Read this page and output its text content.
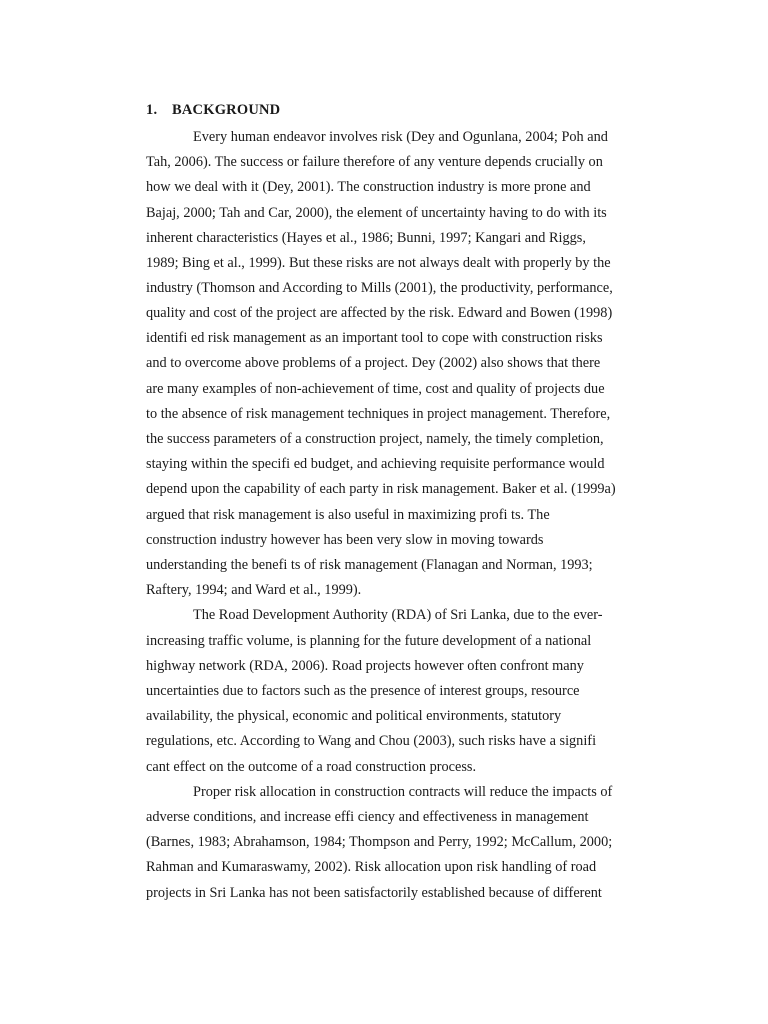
1. BACKGROUND
Every human endeavor involves risk (Dey and Ogunlana, 2004; Poh and
Tah, 2006). The success or failure therefore of any venture depends crucially on
how we deal with it (Dey, 2001). The construction industry is more prone and
Bajaj, 2000; Tah and Car, 2000), the element of uncertainty having to do with its
inherent characteristics (Hayes et al., 1986; Bunni, 1997; Kangari and Riggs,
1989; Bing et al., 1999). But these risks are not always dealt with properly by the
industry (Thomson and According to Mills (2001), the productivity, performance,
quality and cost of the project are affected by the risk. Edward and Bowen (1998)
identifi ed risk management as an important tool to cope with construction risks
and to overcome above problems of a project. Dey (2002) also shows that there
are many examples of non-achievement of time, cost and quality of projects due
to the absence of risk management techniques in project management. Therefore,
the success parameters of a construction project, namely, the timely completion,
staying within the specifi ed budget, and achieving requisite performance would
depend upon the capability of each party in risk management. Baker et al. (1999a)
argued that risk management is also useful in maximizing profi ts. The
construction industry however has been very slow in moving towards
understanding the benefi ts of risk management (Flanagan and Norman, 1993;
Raftery, 1994; and Ward et al., 1999).
The Road Development Authority (RDA) of Sri Lanka, due to the ever-
increasing traffic volume, is planning for the future development of a national
highway network (RDA, 2006). Road projects however often confront many
uncertainties due to factors such as the presence of interest groups, resource
availability, the physical, economic and political environments, statutory
regulations, etc. According to Wang and Chou (2003), such risks have a signifi
cant effect on the outcome of a road construction process.
Proper risk allocation in construction contracts will reduce the impacts of
adverse conditions, and increase effi ciency and effectiveness in management
(Barnes, 1983; Abrahamson, 1984; Thompson and Perry, 1992; McCallum, 2000;
Rahman and Kumaraswamy, 2002). Risk allocation upon risk handling of road
projects in Sri Lanka has not been satisfactorily established because of different
